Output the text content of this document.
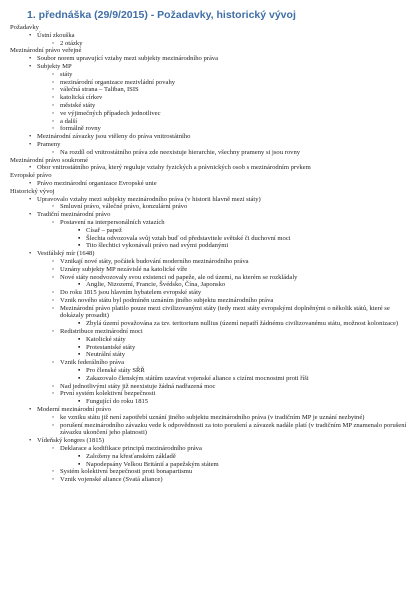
1. přednáška (29/9/2015) - Požadavky, historický vývoj
Požadavky
• Ústní zkouška
◦ 2 otázky
Mezinárodní právo veřejné
• Soubor norem upravující vztahy mezi subjekty mezinárodního práva
• Subjekty MP
◦ státy
◦ mezinárodní organizace mezivládní povahy
◦ válečná strana – Taliban, ISIS
◦ katolická církev
◦ městské státy
◦ ve výjimečných případech jednotlivec
◦ a další
◦ formálně rovny
• Mezinárodní závazky jsou vtěleny do práva vnitrostátního
• Prameny
◦ Na rozdíl od vnitrostátního práva zde neexistuje hierarchie, všechny prameny si jsou rovny
Mezinárodní právo soukromé
• Obor vnitrostátního práva, který reguluje vztahy fyzických a právnických osob s mezinárodním prvkem
Evropské právo
• Právo mezinárodní organizace Evropské unie
Historický vývoj
• Upravovalo vztahy mezi subjekty mezinárodního práva (v historii hlavně mezi státy)
◦ Smluvní právo, válečné právo, konzulární právo
• Tradiční mezinárodní právo
◦ Postavení na interpersonálních vztazích
▪ Císař – papež
▪ Šlechta odvozovala svůj vztah buď od představitele světské či duchovní moci
▪ Tito šlechtici vykonávali právo nad svými poddanými
• Vestfálský mír (1648)
◦ Vznikají nové státy, počátek budování moderního mezinárodního práva
◦ Uznány subjekty MP nezávislé na katolické víře
◦ Nové státy neodvozovaly svou existenci od papeže, ale od území, na kterém se rozkládaly
▪ Anglie, Nizozemí, Francie, Švédsko, Čína, Japonsko
◦ Do roku 1815 jsou hlavním hybatelem evropské státy
◦ Vznik nového státu byl podmíněn uznáním jiného subjektu mezinárodního práva
◦ Mezinárodní právo platilo pouze mezi civilizovanými státy (tedy mezi státy evropskými doplněnými o několik států, které se dokázaly prosadit)
▪ Zbylá území považována za tzv. teritorium nullius (území nepatří žádnému civilizovanému státu, možnost kolonizace)
◦ Redistribuce mezinárodní moci
▪ Katolické státy
▪ Protestantské státy
▪ Neutrální státy
◦ Vznik federálního práva
▪ Pro členské státy SŘŘ
▪ Zakazovalo členským státům uzavírat vojenské aliance s cizími mocnostmi proti říši
◦ Nad jednotlivými státy již neexistuje žádná nadřazená moc
◦ První systém kolektivní bezpečnosti
▪ Fungující do roku 1815
• Moderní mezinárodní právo
◦ ke vzniku státu již není zapotřebí uznání jiného subjektu mezinárodního práva (v tradičním MP je uznání nezbytné)
◦ porušení mezinárodního závazku vede k odpovědnosti za toto porušení a závazek nadále platí (v tradičním MP znamenalo porušení závazku ukončení jeho platnosti)
• Vídeňský kongres (1815)
◦ Deklarace a kodifikace principů mezinárodního práva
▪ Založeny na křesťanském základě
▪ Napodepsány Velkou Británií a papežským státem
◦ Systém kolektivní bezpečnosti proti bonapartismu
◦ Vznik vojenské aliance (Svatá aliance)
